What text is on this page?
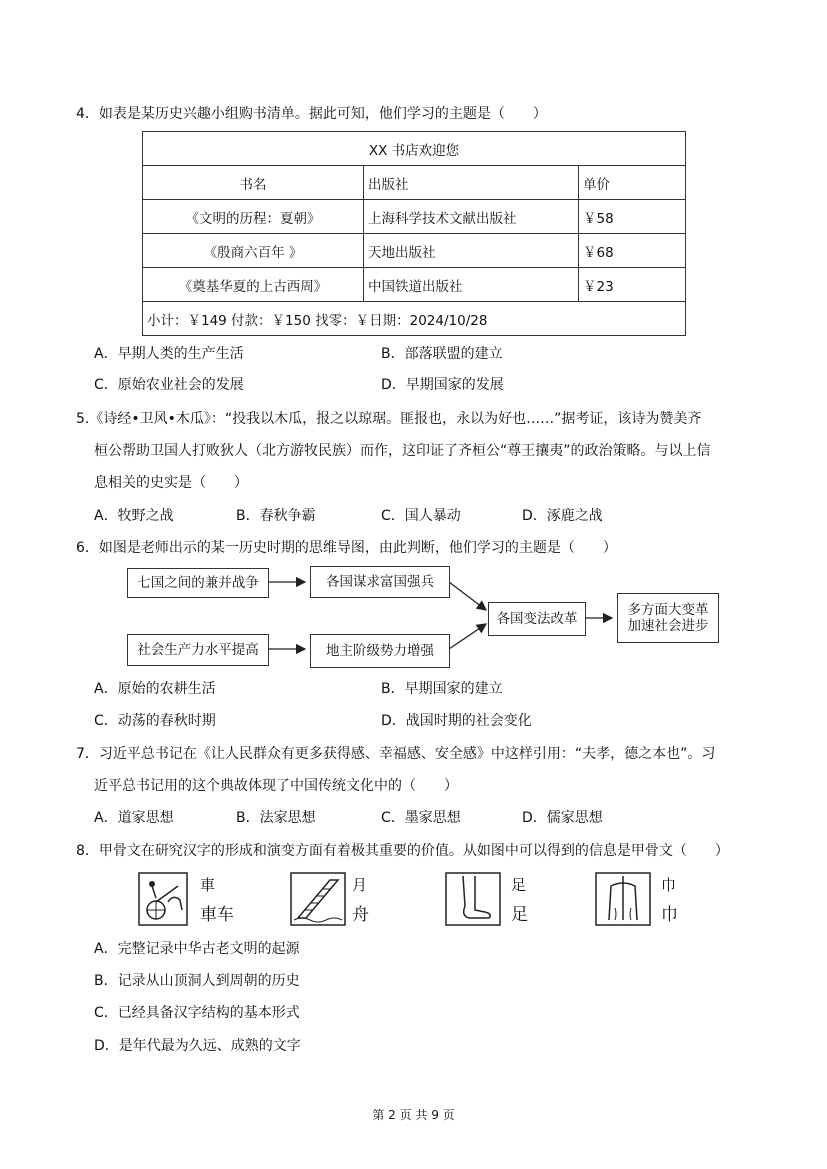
4．如表是某历史兴趣小组购书清单。据此可知，他们学习的主题是（　　）
XX 书店欢迎您		
书名	出版社	单价
《文明的历程：夏朝》	上海科学技术文献出版社	￥58
《殷商六百年 》	天地出版社	￥68
《奠基华夏的上古西周》	中国铁道出版社	￥23
小计：￥149 付款：￥150 找零：￥日期：2024/10/28		
A．早期人类的生产生活	B．部落联盟的建立
C．原始农业社会的发展	D．早期国家的发展
5.《诗经•卫风•木瓜》：“投我以木瓜，报之以琼琚。匪报也，永以为好也……”据考证，该诗为赞美齐
桓公帮助卫国人打败狄人（北方游牧民族）而作，这印证了齐桓公“尊王攘夷”的政治策略。与以上信
息相关的史实是（　　）
A．牧野之战	B．春秋争霸	C．国人暴动	D．涿鹿之战
6．如图是老师出示的某一历史时期的思维导图，由此判断，他们学习的主题是（　　）
七国之间的兼并战争	各国谋求富国强兵
社会生产力水平提高	地主阶级势力增强
各国变法改革
多方面大变革
加速社会进步
A．原始的农耕生活	B．早期国家的建立
C．动荡的春秋时期	D．战国时期的社会变化
7．习近平总书记在《让人民群众有更多获得感、幸福感、安全感》中这样引用：“夫孝，德之本也”。习
近平总书记用的这个典故体现了中国传统文化中的（　　）
A．道家思想	B．法家思想	C．墨家思想	D．儒家思想
8．甲骨文在研究汉字的形成和演变方面有着极其重要的价值。从如图中可以得到的信息是甲骨文（　　）
車
車车
月
舟
足
足
巾
巾
A．完整记录中华古老文明的起源
B．记录从山顶洞人到周朝的历史
C．已经具备汉字结构的基本形式
D．是年代最为久远、成熟的文字
第 2 页 共 9 页
